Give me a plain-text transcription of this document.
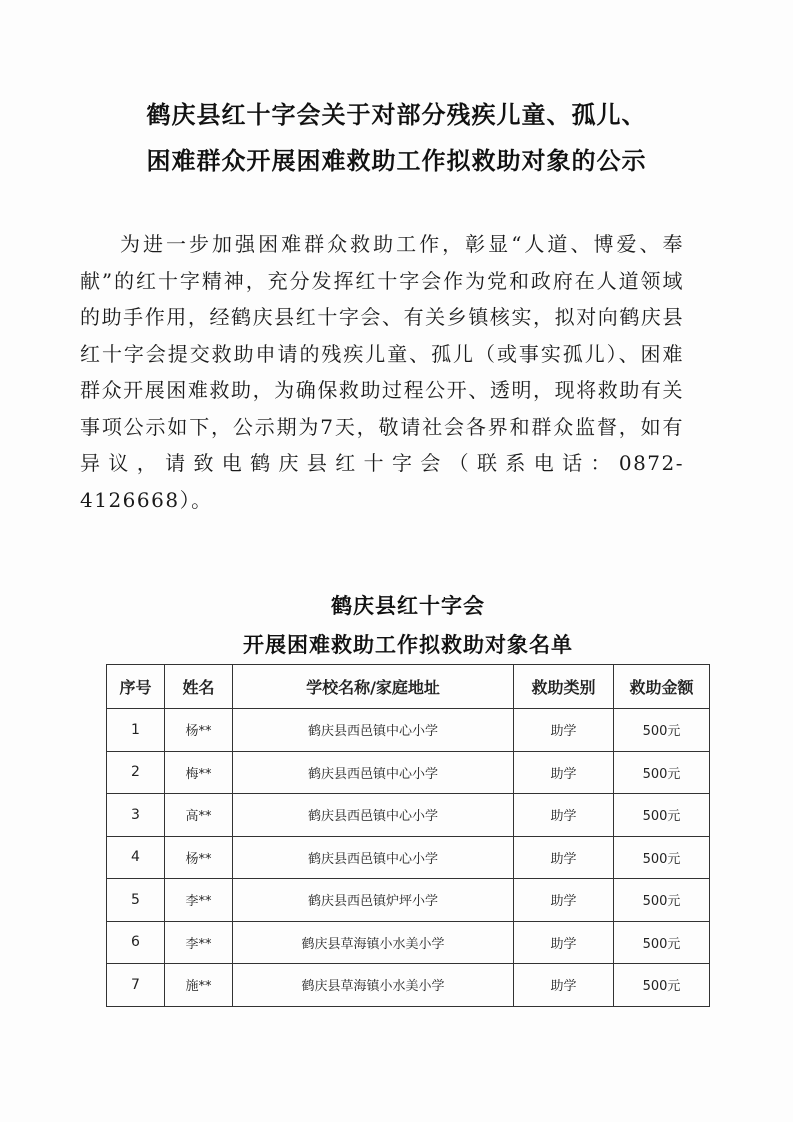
鹤庆县红十字会关于对部分残疾儿童、孤儿、
困难群众开展困难救助工作拟救助对象的公示
为进一步加强困难群众救助工作，彰显“人道、博爱、奉献”的红十字精神，充分发挥红十字会作为党和政府在人道领域的助手作用，经鹤庆县红十字会、有关乡镇核实，拟对向鹤庆县红十字会提交救助申请的残疾儿童、孤儿（或事实孤儿）、困难群众开展困难救助，为确保救助过程公开、透明，现将救助有关事项公示如下，公示期为7天，敬请社会各界和群众监督，如有异议，请致电鹤庆县红十字会（联系电话：0872-4126668）。
鹤庆县红十字会
开展困难救助工作拟救助对象名单
序号	姓名	学校名称/家庭地址	救助类别	救助金额
1	杨**	鹤庆县西邑镇中心小学	助学	500元
2	梅**	鹤庆县西邑镇中心小学	助学	500元
3	高**	鹤庆县西邑镇中心小学	助学	500元
4	杨**	鹤庆县西邑镇中心小学	助学	500元
5	李**	鹤庆县西邑镇炉坪小学	助学	500元
6	李**	鹤庆县草海镇小水美小学	助学	500元
7	施**	鹤庆县草海镇小水美小学	助学	500元
